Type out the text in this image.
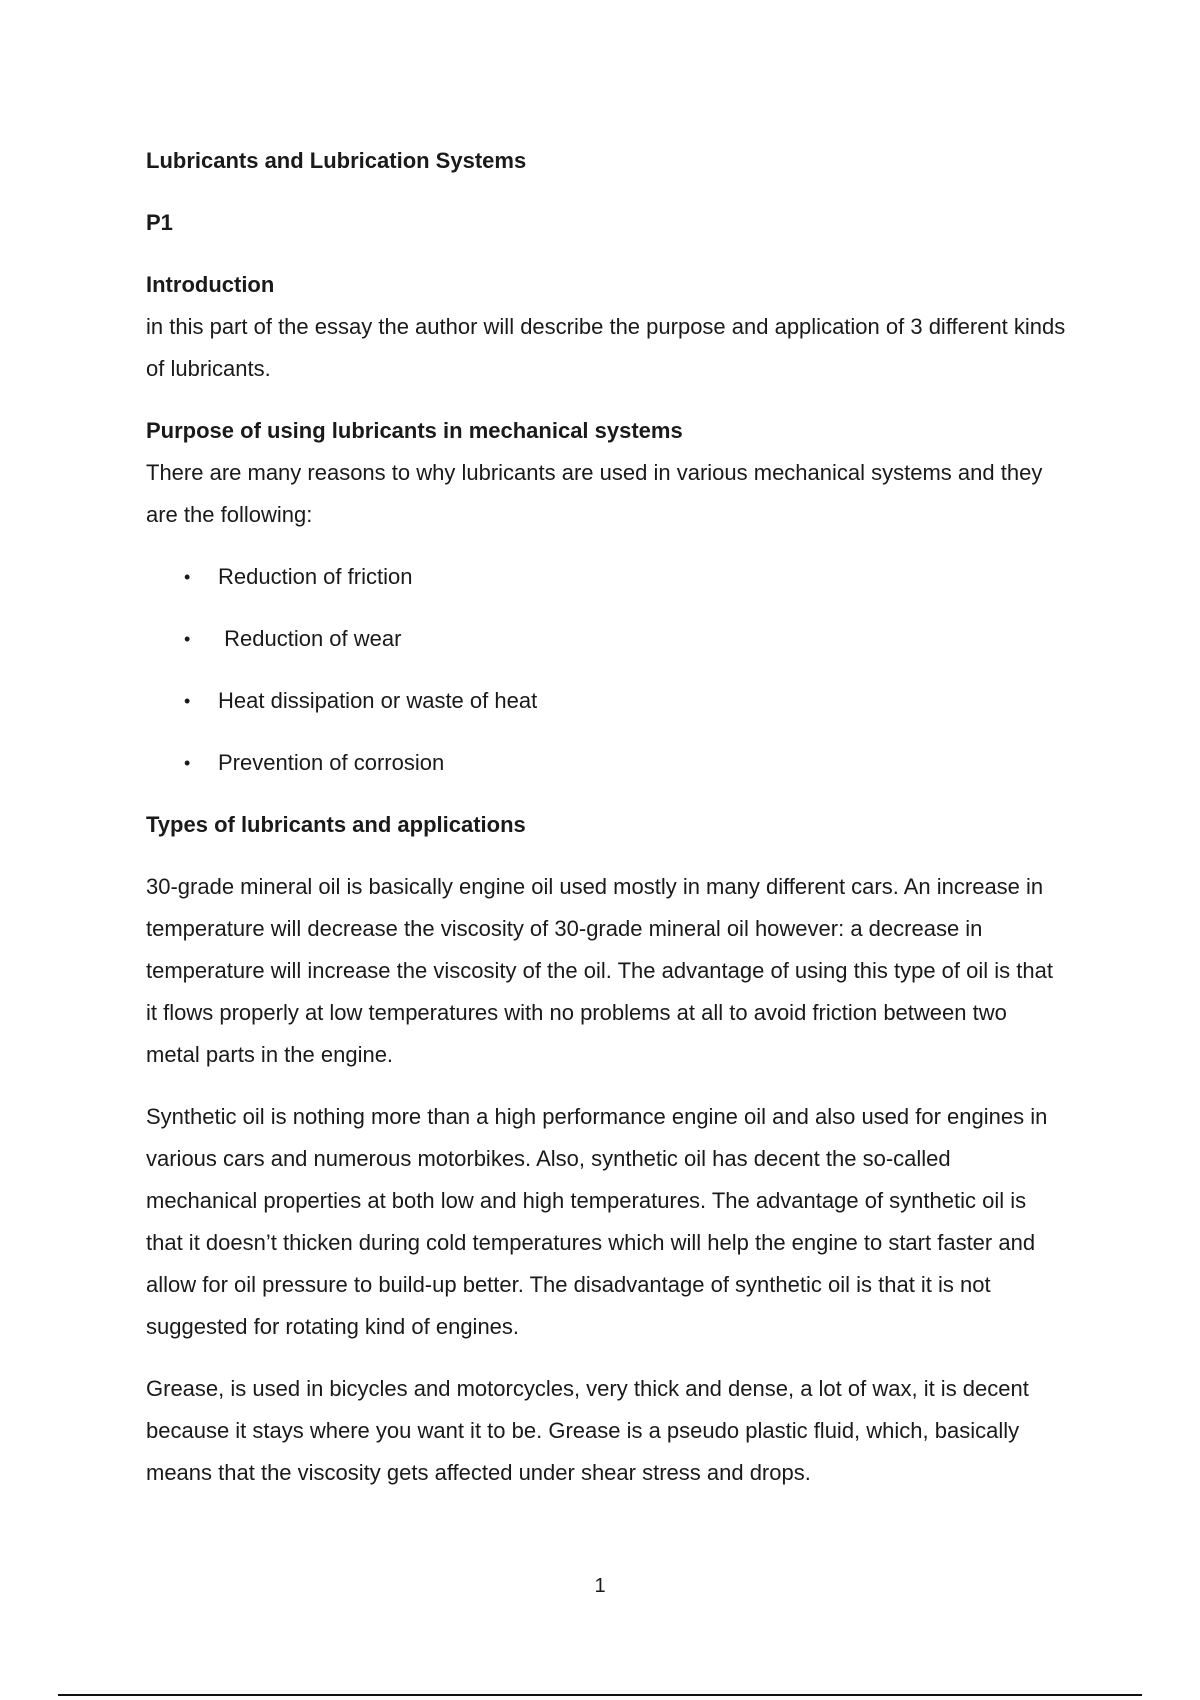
Lubricants and Lubrication Systems

P1

Introduction

in this part of the essay the author will describe the purpose and application of 3 different kinds of lubricants.

Purpose of using lubricants in mechanical systems

There are many reasons to why lubricants are used in various mechanical systems and they are the following:

• Reduction of friction
• Reduction of wear
• Heat dissipation or waste of heat
• Prevention of corrosion

Types of lubricants and applications

30-grade mineral oil is basically engine oil used mostly in many different cars. An increase in temperature will decrease the viscosity of 30-grade mineral oil however: a decrease in temperature will increase the viscosity of the oil. The advantage of using this type of oil is that it flows properly at low temperatures with no problems at all to avoid friction between two metal parts in the engine.

Synthetic oil is nothing more than a high performance engine oil and also used for engines in various cars and numerous motorbikes. Also, synthetic oil has decent the so-called mechanical properties at both low and high temperatures. The advantage of synthetic oil is that it doesn’t thicken during cold temperatures which will help the engine to start faster and allow for oil pressure to build-up better. The disadvantage of synthetic oil is that it is not suggested for rotating kind of engines.

Grease, is used in bicycles and motorcycles, very thick and dense, a lot of wax, it is decent because it stays where you want it to be. Grease is a pseudo plastic fluid, which, basically means that the viscosity gets affected under shear stress and drops.

1
